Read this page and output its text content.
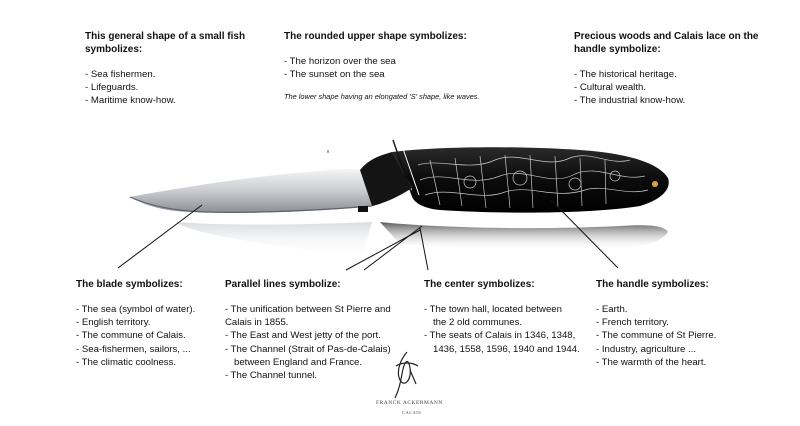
This general shape of a small fish symbolizes:
- Sea fishermen.
- Lifeguards.
- Maritime know-how.
The rounded upper shape symbolizes:
- The horizon over the sea
- The sunset on the sea
The lower shape having an elongated 'S' shape, like waves.
Precious woods and Calais lace on the handle symbolize:
- The historical heritage.
- Cultural wealth.
- The industrial know-how.
The blade symbolizes:
- The sea (symbol of water).
- English territory.
- The commune of Calais.
- Sea-fishermen, sailors, ...
- The climatic coolness.
Parallel lines symbolize:
- The unification between St Pierre and
Calais in 1855.
- The East and West jetty of the port.
- The Channel (Strait of Pas-de-Calais)
between England and France.
- The Channel tunnel.
The center symbolizes:
- The town hall, located between
the 2 old communes.
- The seats of Calais in 1346, 1348,
1436, 1558, 1596, 1940 and 1944.
The handle symbolizes:
- Earth.
- French territory.
- The commune of St Pierre.
- Industry, agriculture ...
- The warmth of the heart.
FRANCK ACKERMANN
CALAIS
